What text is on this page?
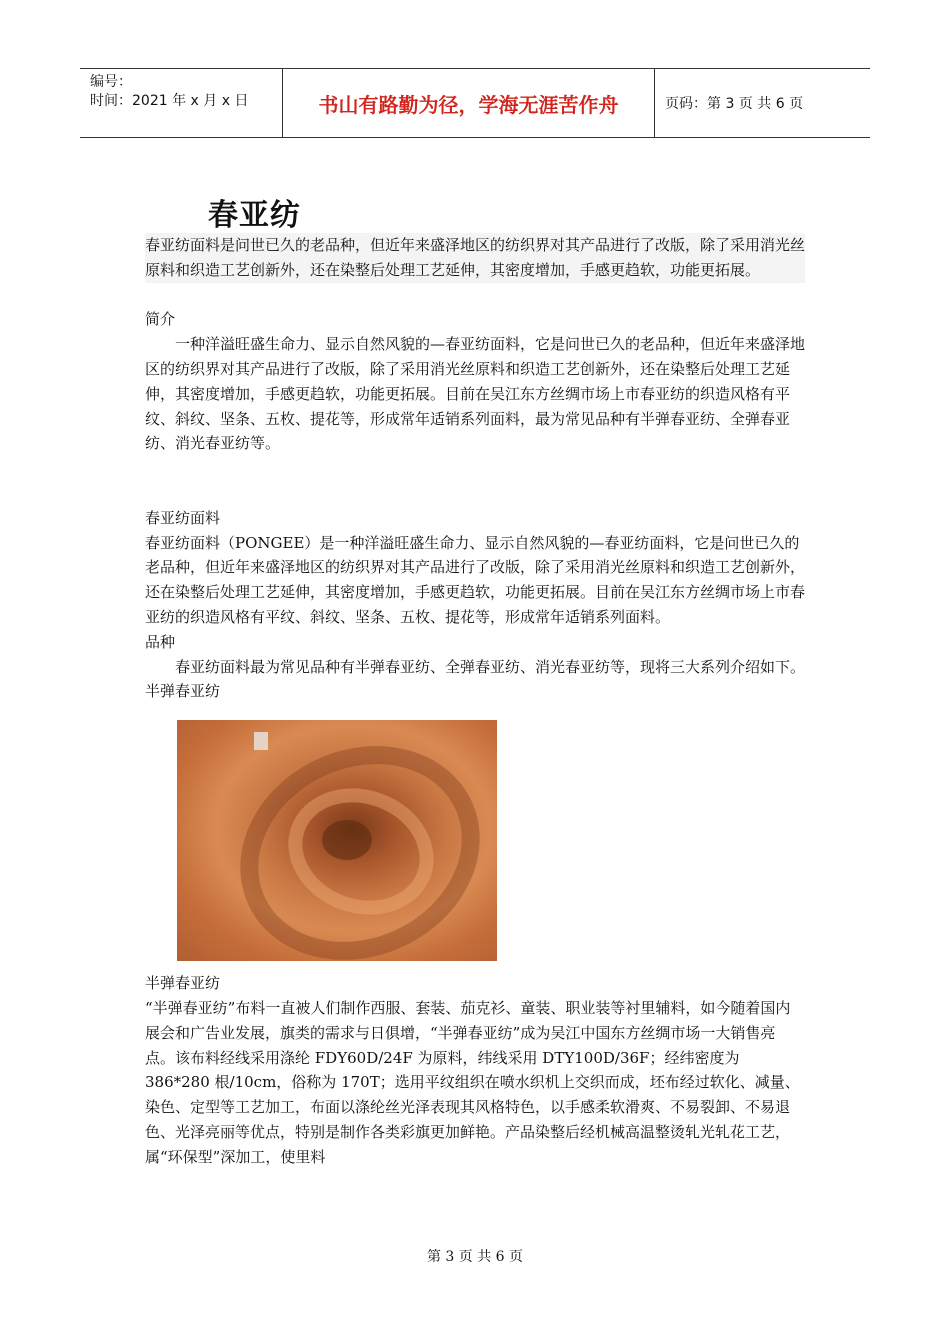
编号：
时间：2021 年 x 月 x 日	书山有路勤为径，学海无涯苦作舟	页码：第 3 页 共 6 页
春亚纺

春亚纺面料是问世已久的老品种，但近年来盛泽地区的纺织界对其产品进行了改版，除了采用消光丝原料和织造工艺创新外，还在染整后处理工艺延伸，其密度增加，手感更趋软，功能更拓展。

简介

一种洋溢旺盛生命力、显示自然风貌的—春亚纺面料，它是问世已久的老品种，但近年来盛泽地区的纺织界对其产品进行了改版，除了采用消光丝原料和织造工艺创新外，还在染整后处理工艺延伸，其密度增加，手感更趋软，功能更拓展。目前在吴江东方丝绸市场上市春亚纺的织造风格有平纹、斜纹、坚条、五枚、提花等，形成常年适销系列面料，最为常见品种有半弹春亚纺、全弹春亚纺、消光春亚纺等。

春亚纺面料

春亚纺面料（PONGEE）是一种洋溢旺盛生命力、显示自然风貌的—春亚纺面料，它是问世已久的老品种，但近年来盛泽地区的纺织界对其产品进行了改版，除了采用消光丝原料和织造工艺创新外，还在染整后处理工艺延伸，其密度增加，手感更趋软，功能更拓展。目前在吴江东方丝绸市场上市春亚纺的织造风格有平纹、斜纹、坚条、五枚、提花等，形成常年适销系列面料。

品种

春亚纺面料最为常见品种有半弹春亚纺、全弹春亚纺、消光春亚纺等，现将三大系列介绍如下。

半弹春亚纺

半弹春亚纺

“半弹春亚纺”布料一直被人们制作西服、套装、茄克衫、童装、职业装等衬里辅料，如今随着国内展会和广告业发展，旗类的需求与日俱增，“半弹春亚纺”成为吴江中国东方丝绸市场一大销售亮点。该布料经线采用涤纶 FDY60D/24F 为原料，纬线采用 DTY100D/36F；经纬密度为 386*280 根/10cm，俗称为 170T；选用平纹组织在喷水织机上交织而成，坯布经过软化、减量、染色、定型等工艺加工，布面以涤纶丝光泽表现其风格特色，以手感柔软滑爽、不易裂卸、不易退色、光泽亮丽等优点，特别是制作各类彩旗更加鲜艳。产品染整后经机械高温整烫轧光轧花工艺，属“环保型”深加工，使里料

第 3 页 共 6 页
